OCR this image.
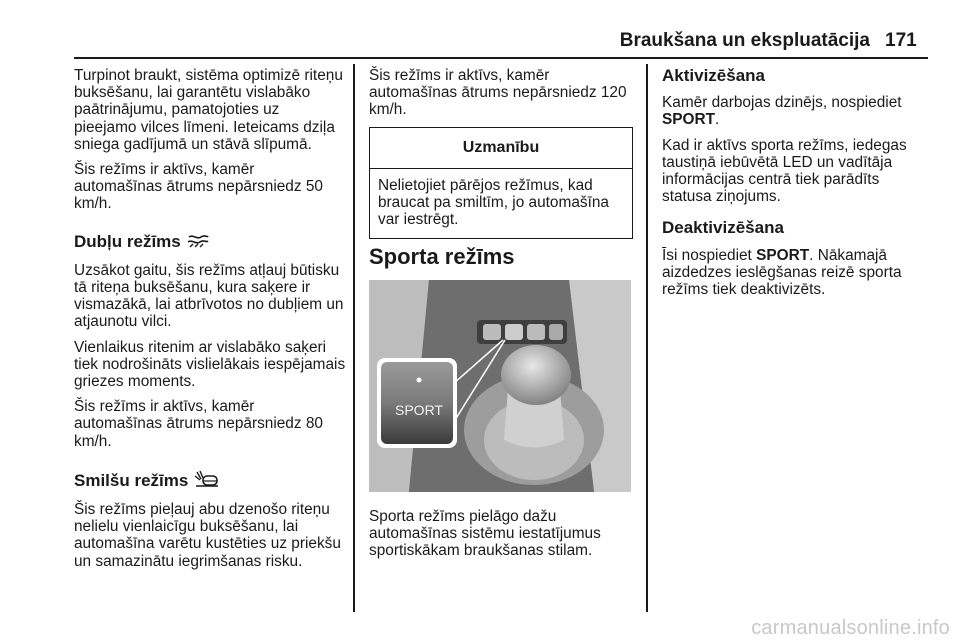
Braukšana un ekspluatācija 171

Turpinot braukt, sistēma optimizē riteņu buksēšanu, lai garantētu vislabāko paātrinājumu, pamatojoties uz pieejamo vilces līmeni. Ieteicams dziļa sniega gadījumā un stāvā slīpumā.

Šis režīms ir aktīvs, kamēr automašīnas ātrums nepārsniedz 50 km/h.

Dubļu režīms

Uzsākot gaitu, šis režīms atļauj būtisku tā riteņa buksēšanu, kura saķere ir vismazākā, lai atbrīvotos no dubļiem un atjaunotu vilci.

Vienlaikus ritenim ar vislabāko saķeri tiek nodrošināts vislielākais iespējamais griezes moments.

Šis režīms ir aktīvs, kamēr automašīnas ātrums nepārsniedz 80 km/h.

Smilšu režīms

Šis režīms pieļauj abu dzenošo riteņu nelielu vienlaicīgu buksēšanu, lai automašīna varētu kustēties uz priekšu un samazinātu iegrimšanas risku.

Šis režīms ir aktīvs, kamēr automašīnas ātrums nepārsniedz 120 km/h.

Uzmanību
Nelietojiet pārējos režīmus, kad braucat pa smiltīm, jo automašīna var iestrēgt.
Sporta režīms
SPORT

Sporta režīms pielāgo dažu automašīnas sistēmu iestatījumus sportiskākam braukšanas stilam.

Aktivizēšana

Kamēr darbojas dzinējs, nospiediet SPORT.

Kad ir aktīvs sporta režīms, iedegas taustiņā iebūvētā LED un vadītāja informācijas centrā tiek parādīts statusa ziņojums.

Deaktivizēšana

Īsi nospiediet SPORT. Nākamajā aizdedzes ieslēgšanas reizē sporta režīms tiek deaktivizēts.

carmanualsonline.info
